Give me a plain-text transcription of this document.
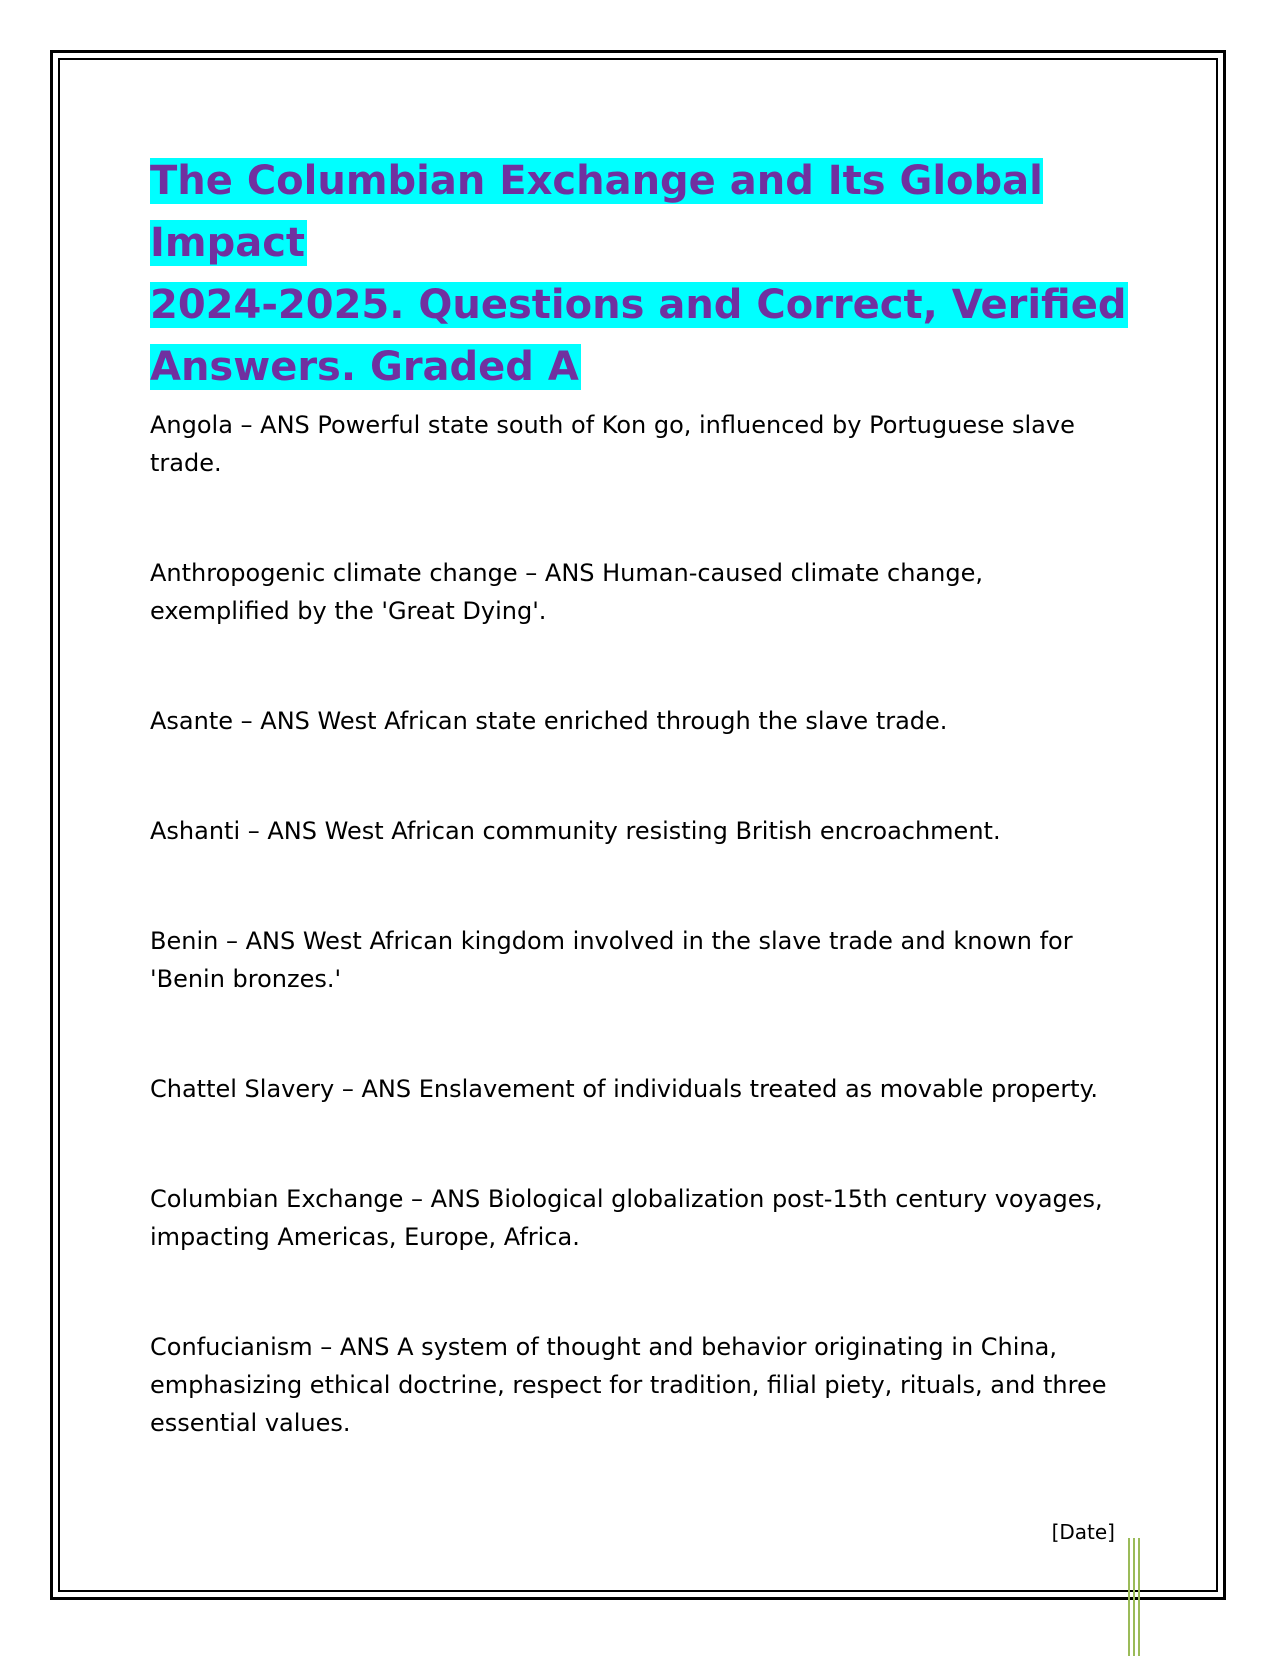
The Columbian Exchange and Its Global Impact
2024-2025. Questions and Correct, Verified
Answers. Graded A
Angola – ANS Powerful state south of Kon go, influenced by Portuguese slave trade.
Anthropogenic climate change – ANS Human-caused climate change, exemplified by the 'Great Dying'.
Asante – ANS West African state enriched through the slave trade.
Ashanti – ANS West African community resisting British encroachment.
Benin – ANS West African kingdom involved in the slave trade and known for 'Benin bronzes.'
Chattel Slavery – ANS Enslavement of individuals treated as movable property.
Columbian Exchange – ANS Biological globalization post-15th century voyages, impacting Americas, Europe, Africa.
Confucianism – ANS A system of thought and behavior originating in China, emphasizing ethical doctrine, respect for tradition, filial piety, rituals, and three essential values.
[Date]
